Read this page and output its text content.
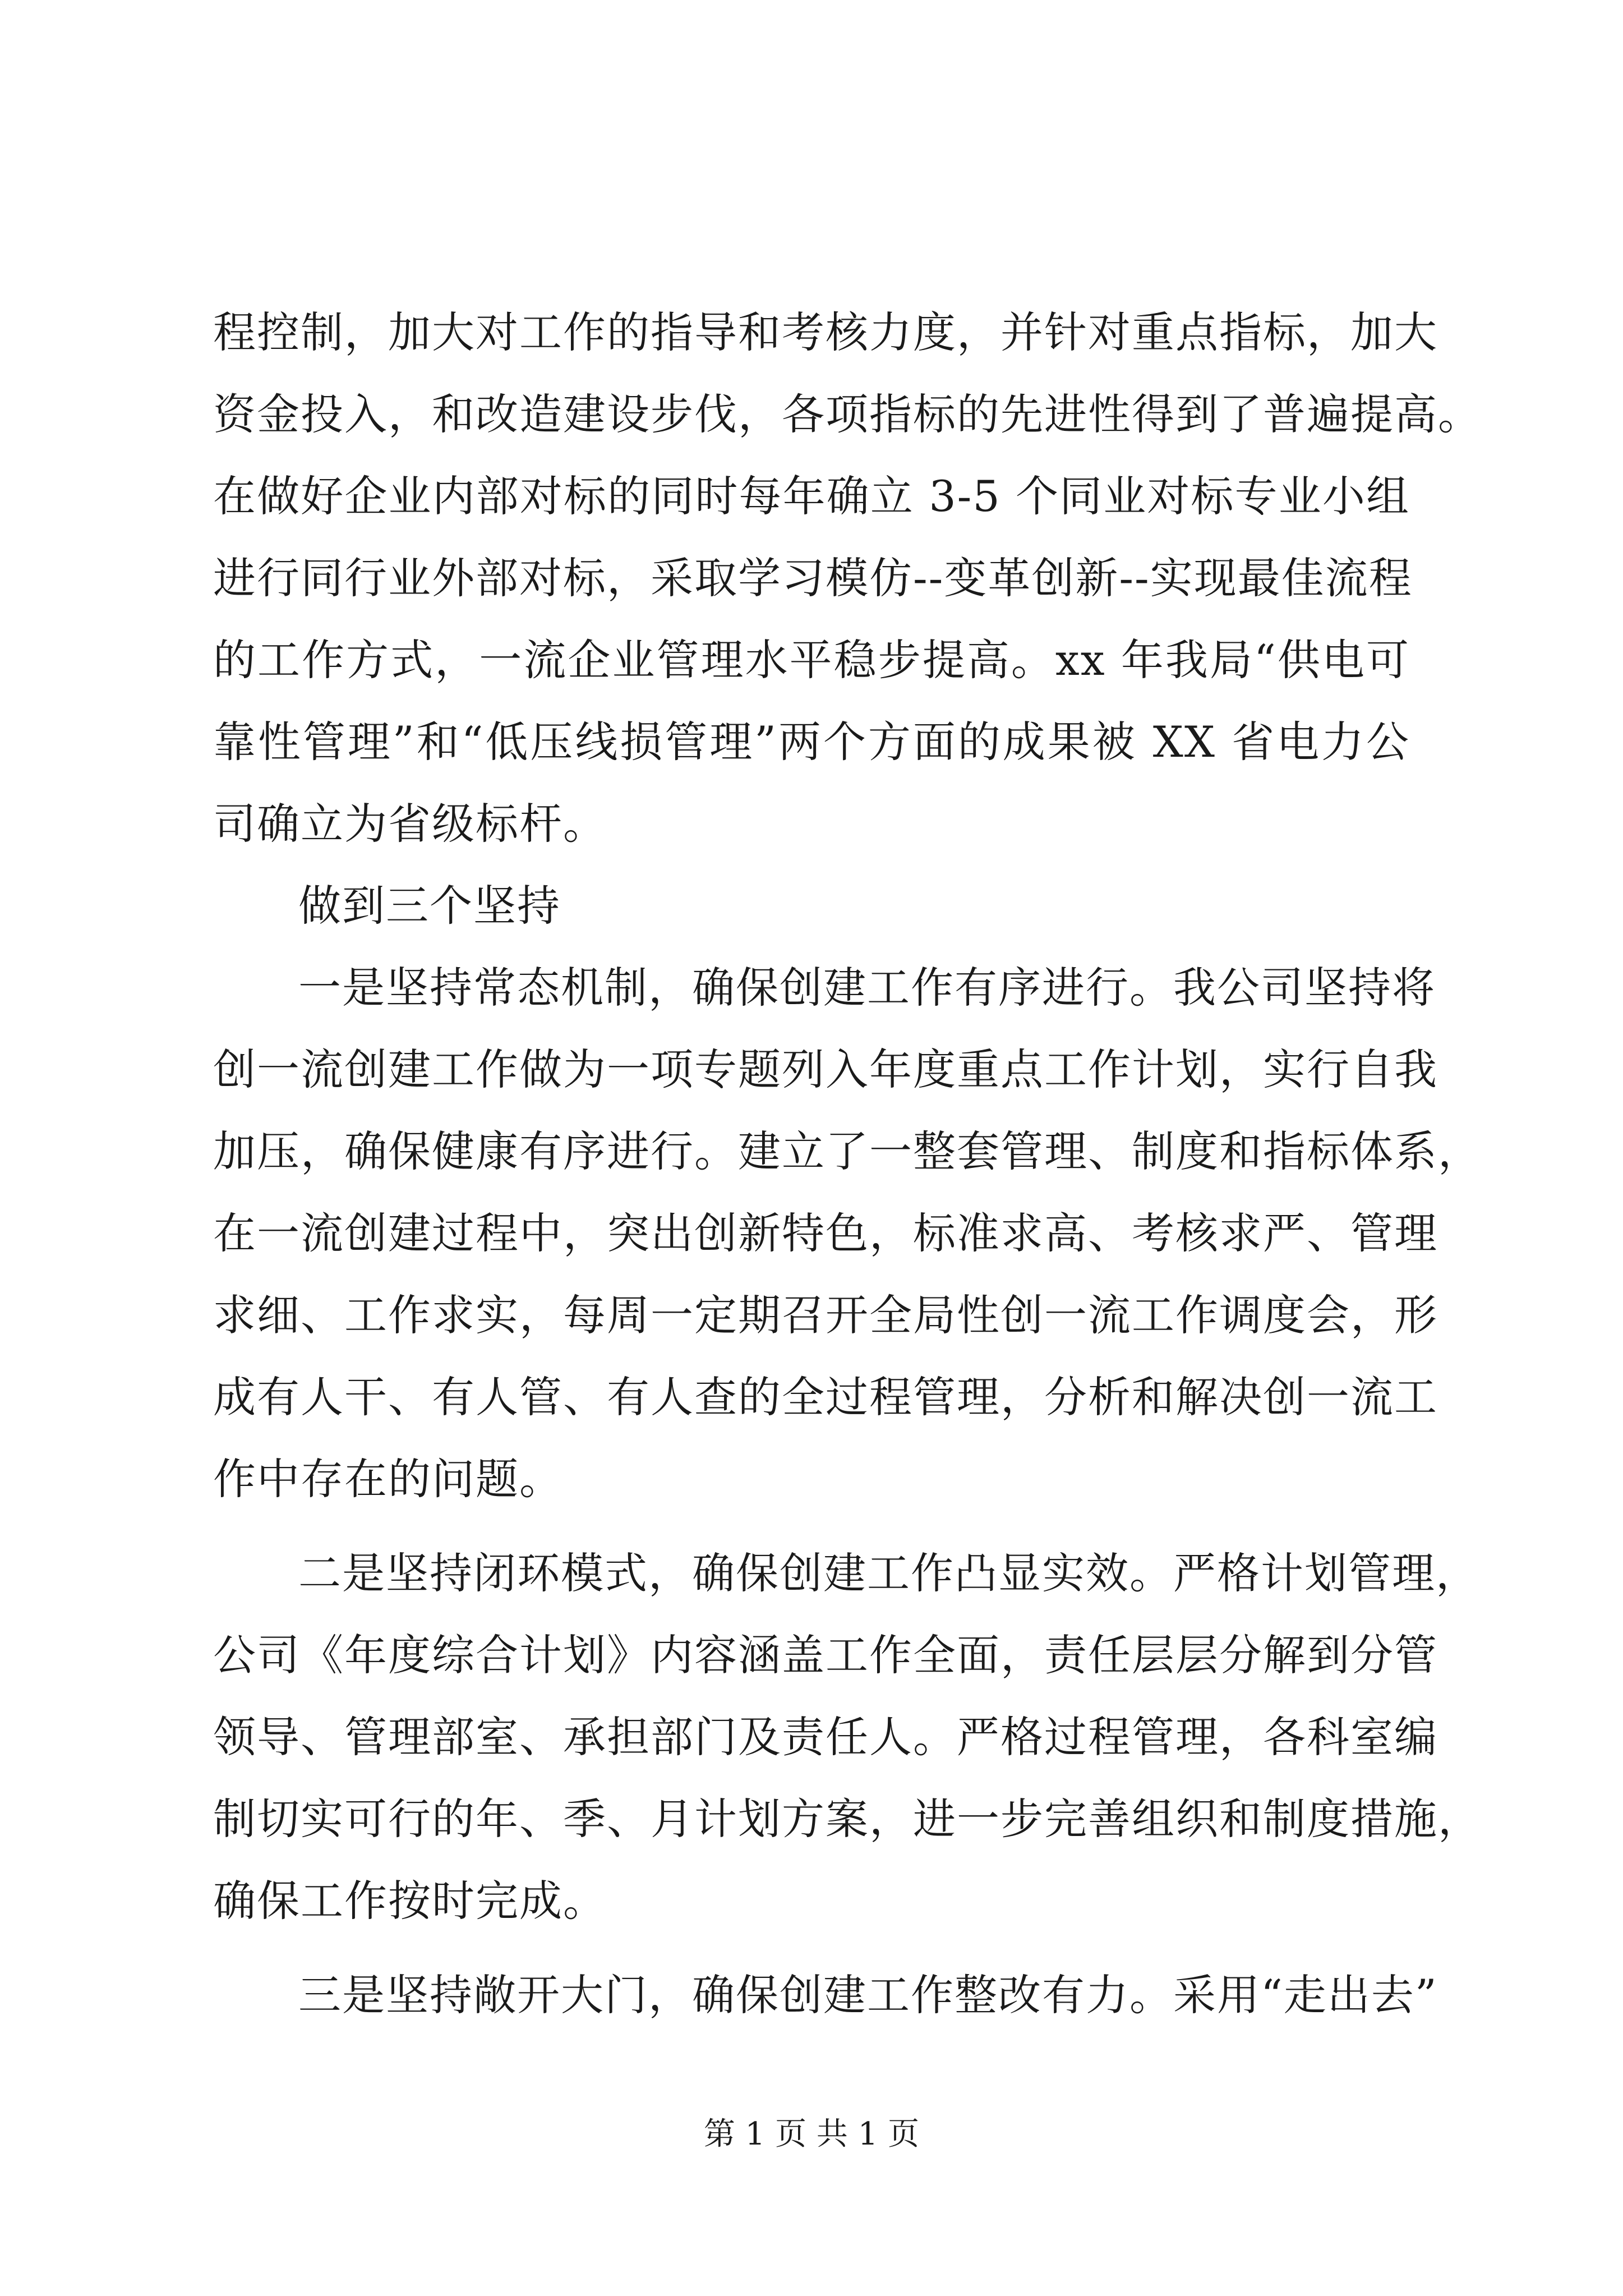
程控制，加大对工作的指导和考核力度，并针对重点指标，加大
资金投入，和改造建设步伐，各项指标的先进性得到了普遍提高。
在做好企业内部对标的同时每年确立 3-5 个同业对标专业小组
进行同行业外部对标，采取学习模仿--变革创新--实现最佳流程
的工作方式，一流企业管理水平稳步提高。xx 年我局“供电可
靠性管理”和“低压线损管理”两个方面的成果被 XX 省电力公
司确立为省级标杆。
做到三个坚持
一是坚持常态机制，确保创建工作有序进行。我公司坚持将
创一流创建工作做为一项专题列入年度重点工作计划，实行自我
加压，确保健康有序进行。建立了一整套管理、制度和指标体系，
在一流创建过程中，突出创新特色，标准求高、考核求严、管理
求细、工作求实，每周一定期召开全局性创一流工作调度会，形
成有人干、有人管、有人查的全过程管理，分析和解决创一流工
作中存在的问题。
二是坚持闭环模式，确保创建工作凸显实效。严格计划管理，
公司《年度综合计划》内容涵盖工作全面，责任层层分解到分管
领导、管理部室、承担部门及责任人。严格过程管理，各科室编
制切实可行的年、季、月计划方案，进一步完善组织和制度措施，
确保工作按时完成。
三是坚持敞开大门，确保创建工作整改有力。采用“走出去”
第 1 页 共 1 页
